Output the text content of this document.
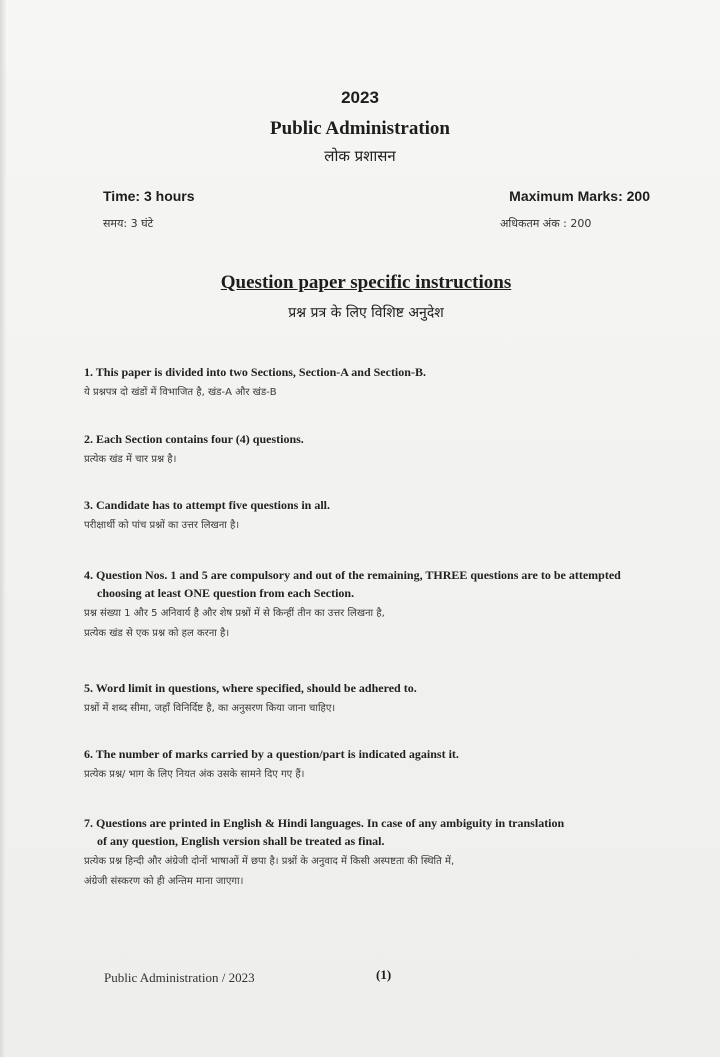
2023
Public Administration
लोक प्रशासन
Time: 3 hours
समय: 3 घंटे
Maximum Marks: 200
अधिकतम अंक : 200
Question paper specific instructions
प्रश्न प्रत्र के लिए विशिष्ट अनुदेश
1. This paper is divided into two Sections, Section-A and Section-B.
ये प्रश्नपत्र दो खंडों में विभाजित है, खंड-A और खंड-B
2. Each Section contains four (4) questions.
प्रत्येक खंड में चार प्रश्न है।
3. Candidate has to attempt five questions in all.
परीक्षार्थी को पांच प्रश्नों का उत्तर लिखना है।
4. Question Nos. 1 and 5 are compulsory and out of the remaining, THREE questions are to be attempted
choosing at least ONE question from each Section.
प्रश्न संख्या 1 और 5 अनिवार्य है और शेष प्रश्नों में से किन्हीं तीन का उत्तर लिखना है,
प्रत्येक खंड से एक प्रश्न को हल करना है।
5. Word limit in questions, where specified, should be adhered to.
प्रश्नों में शब्द सीमा, जहाँ विनिर्दिष्ट है, का अनुसरण किया जाना चाहिए।
6. The number of marks carried by a question/part is indicated against it.
प्रत्येक प्रश्न/ भाग के लिए नियत अंक उसके सामने दिए गए हैं।
7. Questions are printed in English & Hindi languages. In case of any ambiguity in translation
of any question, English version shall be treated as final.
प्रत्येक प्रश्न हिन्दी और अंग्रेजी दोनों भाषाओं में छपा है। प्रश्नों के अनुवाद में किसी अस्पष्टता की स्थिति में,
अंग्रेजी संस्करण को ही अन्तिम माना जाएगा।
Public Administration / 2023	(1)
